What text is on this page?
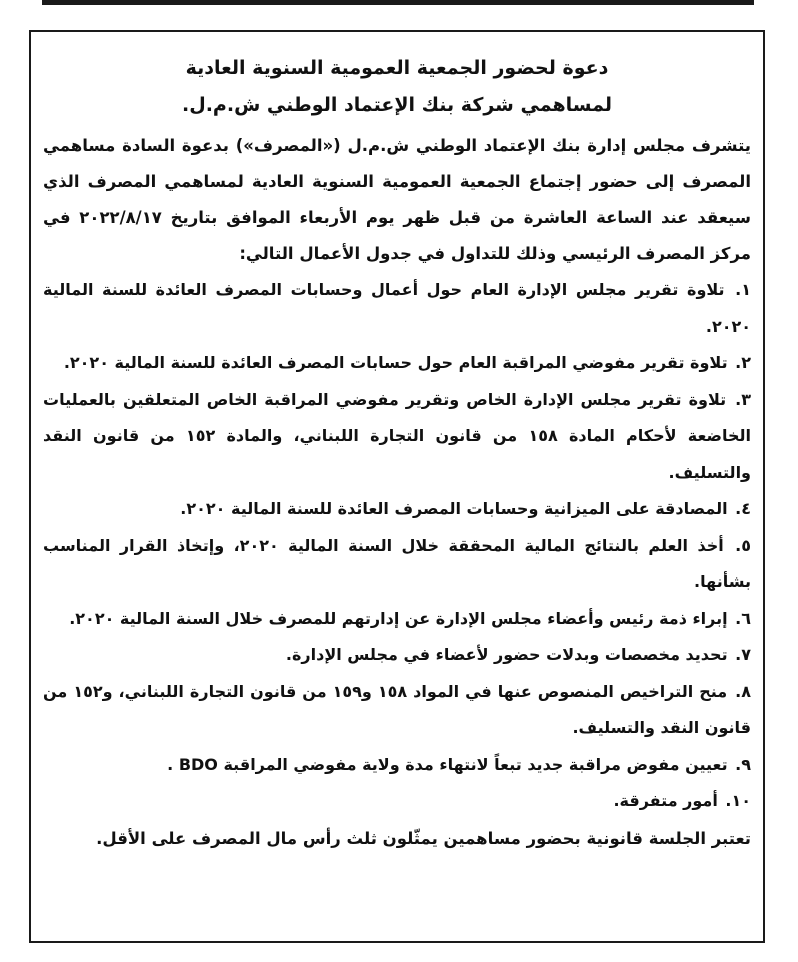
دعوة لحضور الجمعية العمومية السنوية العادية

لمساهمي شركة بنك الإعتماد الوطني ش.م.ل.

يتشرف مجلس إدارة بنك الإعتماد الوطني ش.م.ل («المصرف») بدعوة السادة مساهمي المصرف إلى حضور إجتماع الجمعية العمومية السنوية العادية لمساهمي المصرف الذي سيعقد عند الساعة العاشرة من قبل ظهر يوم الأربعاء الموافق بتاريخ ٢٠٢٢/٨/١٧ في مركز المصرف الرئيسي وذلك للتداول في جدول الأعمال التالي:

١. تلاوة تقرير مجلس الإدارة العام حول أعمال وحسابات المصرف العائدة للسنة المالية ٢٠٢٠.
٢. تلاوة تقرير مفوضي المراقبة العام حول حسابات المصرف العائدة للسنة المالية ٢٠٢٠.
٣. تلاوة تقرير مجلس الإدارة الخاص وتقرير مفوضي المراقبة الخاص المتعلقين بالعمليات الخاضعة لأحكام المادة ١٥٨ من قانون التجارة اللبناني، والمادة ١٥٢ من قانون النقد والتسليف.
٤. المصادقة على الميزانية وحسابات المصرف العائدة للسنة المالية ٢٠٢٠.
٥. أخذ العلم بالنتائج المالية المحققة خلال السنة المالية ٢٠٢٠، وإتخاذ القرار المناسب بشأنها.
٦. إبراء ذمة رئيس وأعضاء مجلس الإدارة عن إدارتهم للمصرف خلال السنة المالية ٢٠٢٠.
٧. تحديد مخصصات وبدلات حضور لأعضاء في مجلس الإدارة.
٨. منح التراخيص المنصوص عنها في المواد ١٥٨ و١٥٩ من قانون التجارة اللبناني، و١٥٢ من قانون النقد والتسليف.
٩. تعيين مفوض مراقبة جديد تبعاً لانتهاء مدة ولاية مفوضي المراقبة BDO .
١٠. أمور متفرقة.

تعتبر الجلسة قانونية بحضور مساهمين يمثّلون ثلث رأس مال المصرف على الأقل.
